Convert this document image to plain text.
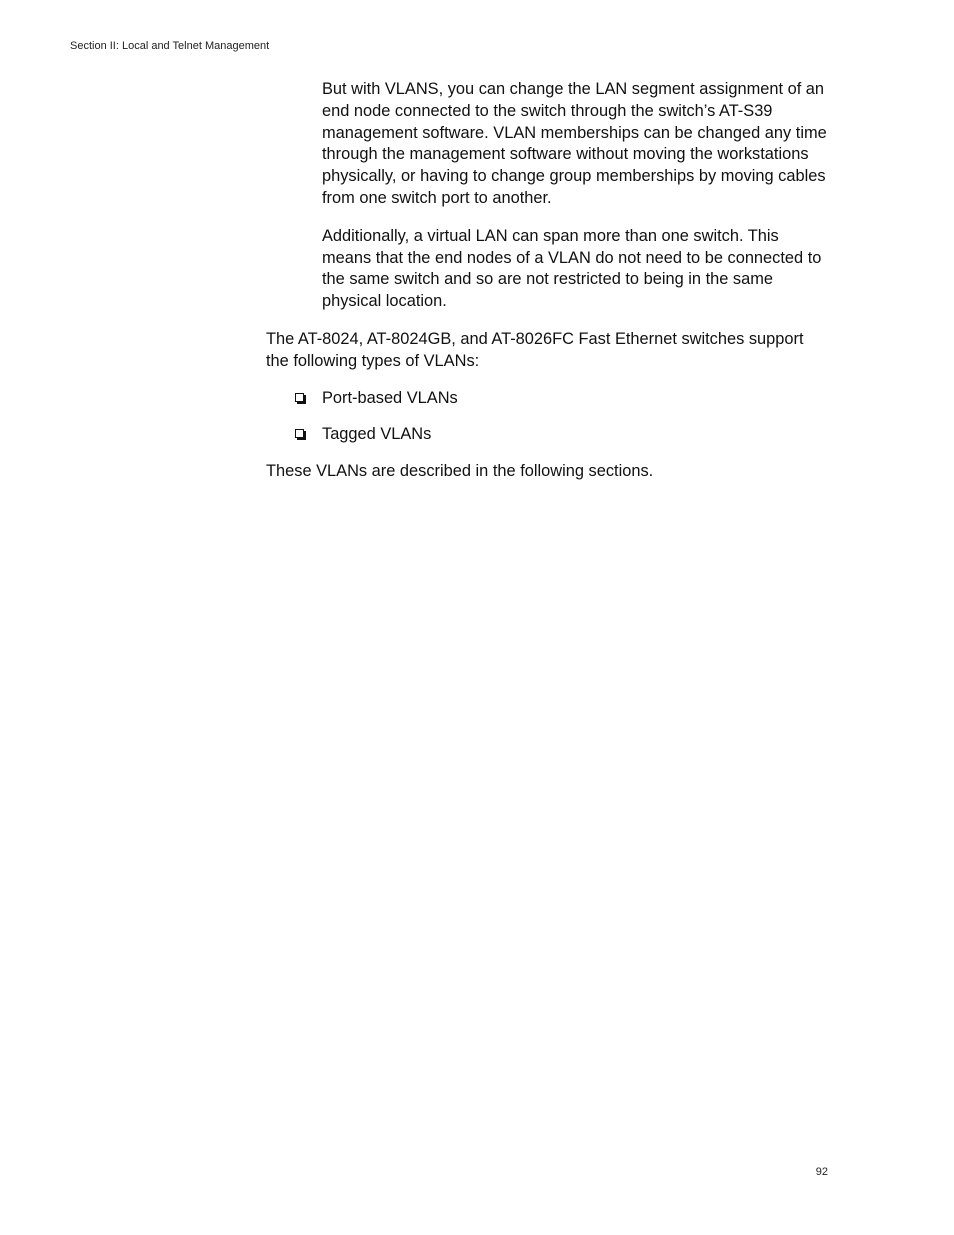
Section II: Local and Telnet Management

But with VLANS, you can change the LAN segment assignment of an end node connected to the switch through the switch’s AT-S39 management software. VLAN memberships can be changed any time through the management software without moving the workstations physically, or having to change group memberships by moving cables from one switch port to another.

Additionally, a virtual LAN can span more than one switch. This means that the end nodes of a VLAN do not need to be connected to the same switch and so are not restricted to being in the same physical location.

The AT-8024, AT-8024GB, and AT-8026FC Fast Ethernet switches support the following types of VLANs:

Port-based VLANs
Tagged VLANs

These VLANs are described in the following sections.

92
